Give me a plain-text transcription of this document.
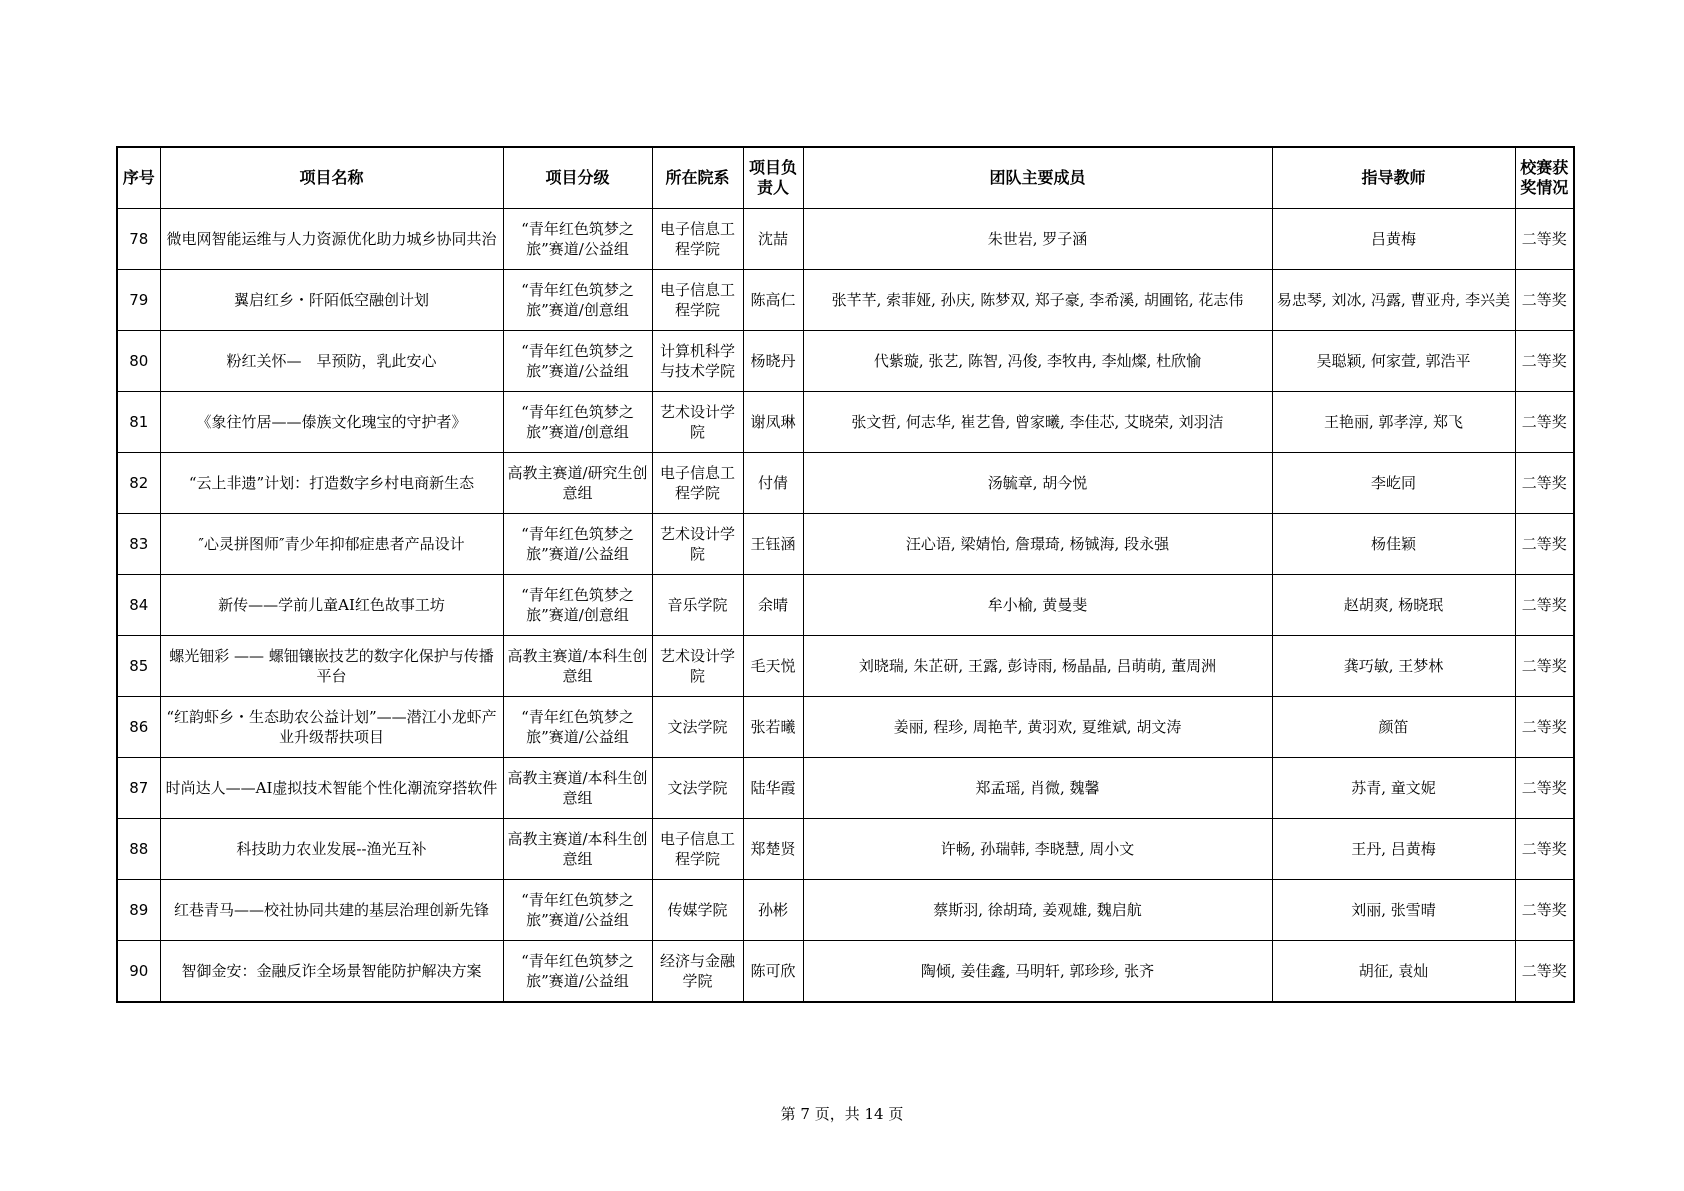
序号	项目名称	项目分级	所在院系	项目负责人	团队主要成员	指导教师	校赛获奖情况
78	微电网智能运维与人力资源优化助力城乡协同共治	“青年红色筑梦之旅”赛道/公益组	电子信息工程学院	沈喆	朱世岩, 罗子涵	吕黄梅	二等奖
79	翼启红乡・阡陌低空融创计划	“青年红色筑梦之旅”赛道/创意组	电子信息工程学院	陈高仁	张芊芊, 索菲娅, 孙庆, 陈梦双, 郑子豪, 李希溪, 胡圃铭, 花志伟	易忠琴, 刘冰, 冯露, 曹亚舟, 李兴美	二等奖
80	粉红关怀—　早预防，乳此安心	“青年红色筑梦之旅”赛道/公益组	计算机科学与技术学院	杨晓丹	代紫璇, 张艺, 陈智, 冯俊, 李牧冉, 李灿燦, 杜欣愉	吴聪颖, 何家萱, 郭浩平	二等奖
81	《象往竹居——傣族文化瑰宝的守护者》	“青年红色筑梦之旅”赛道/创意组	艺术设计学院	谢凤琳	张文哲, 何志华, 崔艺鲁, 曾家曦, 李佳芯, 艾晓荣, 刘羽洁	王艳丽, 郭孝淳, 郑飞	二等奖
82	“云上非遗”计划：打造数字乡村电商新生态	高教主赛道/研究生创意组	电子信息工程学院	付倩	汤毓章, 胡今悦	李屹同	二等奖
83	″心灵拼图师″青少年抑郁症患者产品设计	“青年红色筑梦之旅”赛道/公益组	艺术设计学院	王钰涵	汪心语, 梁婧怡, 詹璟琦, 杨铖海, 段永强	杨佳颖	二等奖
84	新传——学前儿童AI红色故事工坊	“青年红色筑梦之旅”赛道/创意组	音乐学院	余晴	牟小榆, 黄曼斐	赵胡爽, 杨晓珉	二等奖
85	螺光钿彩 —— 螺钿镶嵌技艺的数字化保护与传播平台	高教主赛道/本科生创意组	艺术设计学院	毛天悦	刘晓瑞, 朱芷研, 王露, 彭诗雨, 杨晶晶, 吕萌萌, 董周洲	龚巧敏, 王梦林	二等奖
86	“红韵虾乡・生态助农公益计划”——潜江小龙虾产业升级帮扶项目	“青年红色筑梦之旅”赛道/公益组	文法学院	张若曦	姜丽, 程珍, 周艳芊, 黄羽欢, 夏维斌, 胡文涛	颜笛	二等奖
87	时尚达人——AI虚拟技术智能个性化潮流穿搭软件	高教主赛道/本科生创意组	文法学院	陆华霞	郑孟瑶, 肖微, 魏馨	苏青, 童文妮	二等奖
88	科技助力农业发展--渔光互补	高教主赛道/本科生创意组	电子信息工程学院	郑楚贤	许畅, 孙瑞韩, 李晓慧, 周小文	王丹, 吕黄梅	二等奖
89	红巷青马——校社协同共建的基层治理创新先锋	“青年红色筑梦之旅”赛道/公益组	传媒学院	孙彬	蔡斯羽, 徐胡琦, 姜观雄, 魏启航	刘丽, 张雪晴	二等奖
90	智御金安：金融反诈全场景智能防护解决方案	“青年红色筑梦之旅”赛道/公益组	经济与金融学院	陈可欣	陶倾, 姜佳鑫, 马明轩, 郭珍珍, 张齐	胡征, 袁灿	二等奖
第 7 页，共 14 页
